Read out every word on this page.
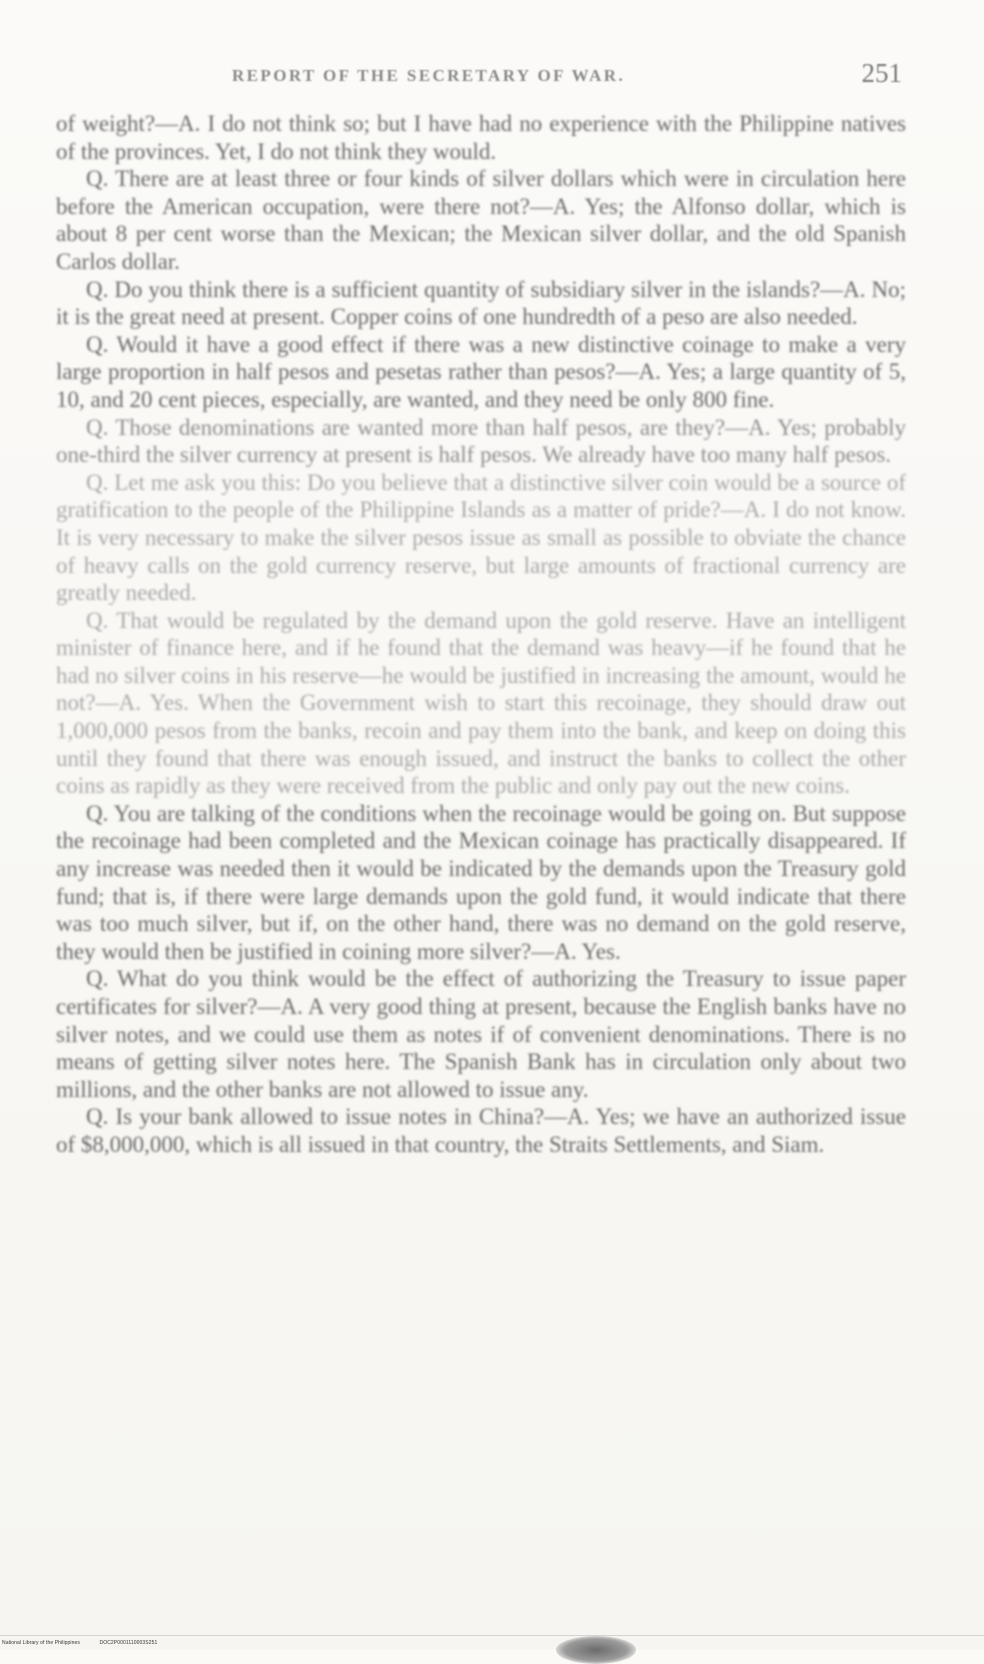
REPORT OF THE SECRETARY OF WAR.	251

of weight?—A. I do not think so; but I have had no experience with the Philippine natives of the provinces. Yet, I do not think they would.

Q. There are at least three or four kinds of silver dollars which were in circulation here before the American occupation, were there not?—A. Yes; the Alfonso dollar, which is about 8 per cent worse than the Mexican; the Mexican silver dollar, and the old Spanish Carlos dollar.

Q. Do you think there is a sufficient quantity of subsidiary silver in the islands?—A. No; it is the great need at present. Copper coins of one hundredth of a peso are also needed.

Q. Would it have a good effect if there was a new distinctive coinage to make a very large proportion in half pesos and pesetas rather than pesos?—A. Yes; a large quantity of 5, 10, and 20 cent pieces, especially, are wanted, and they need be only 800 fine.

Q. Those denominations are wanted more than half pesos, are they?—A. Yes; probably one-third the silver currency at present is half pesos. We already have too many half pesos.

Q. Let me ask you this: Do you believe that a distinctive silver coin would be a source of gratification to the people of the Philippine Islands as a matter of pride?—A. I do not know. It is very necessary to make the silver pesos issue as small as possible to obviate the chance of heavy calls on the gold currency reserve, but large amounts of fractional currency are greatly needed.

Q. That would be regulated by the demand upon the gold reserve. Have an intelligent minister of finance here, and if he found that the demand was heavy—if he found that he had no silver coins in his reserve—he would be justified in increasing the amount, would he not?—A. Yes. When the Government wish to start this recoinage, they should draw out 1,000,000 pesos from the banks, recoin and pay them into the bank, and keep on doing this until they found that there was enough issued, and instruct the banks to collect the other coins as rapidly as they were received from the public and only pay out the new coins.

Q. You are talking of the conditions when the recoinage would be going on. But suppose the recoinage had been completed and the Mexican coinage has practically disappeared. If any increase was needed then it would be indicated by the demands upon the Treasury gold fund; that is, if there were large demands upon the gold fund, it would indicate that there was too much silver, but if, on the other hand, there was no demand on the gold reserve, they would then be justified in coining more silver?—A. Yes.

Q. What do you think would be the effect of authorizing the Treasury to issue paper certificates for silver?—A. A very good thing at present, because the English banks have no silver notes, and we could use them as notes if of convenient denominations. There is no means of getting silver notes here. The Spanish Bank has in circulation only about two millions, and the other banks are not allowed to issue any.

Q. Is your bank allowed to issue notes in China?—A. Yes; we have an authorized issue of $8,000,000, which is all issued in that country, the Straits Settlements, and Siam.

National Library of the Philippines	DOC2P0001110003S251
